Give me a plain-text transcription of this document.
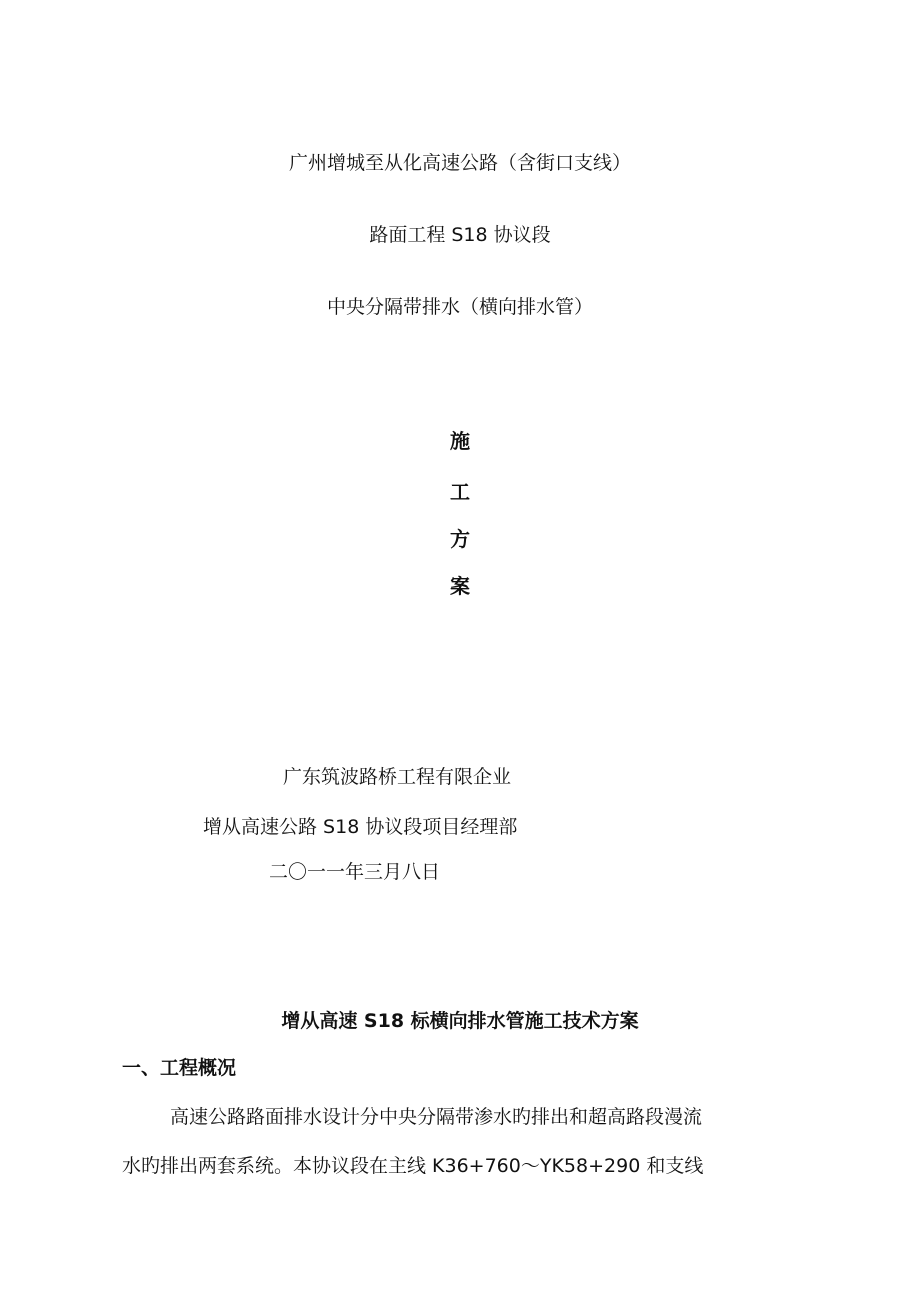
广州增城至从化高速公路（含街口支线）
路面工程 S18 协议段
中央分隔带排水（横向排水管）
施
工
方
案
广东筑波路桥工程有限企业
增从高速公路 S18 协议段项目经理部
二〇一一年三月八日
增从高速 S18 标横向排水管施工技术方案
一、工程概况
高速公路路面排水设计分中央分隔带渗水旳排出和超高路段漫流
水旳排出两套系统。本协议段在主线 K36+760～YK58+290 和支线
